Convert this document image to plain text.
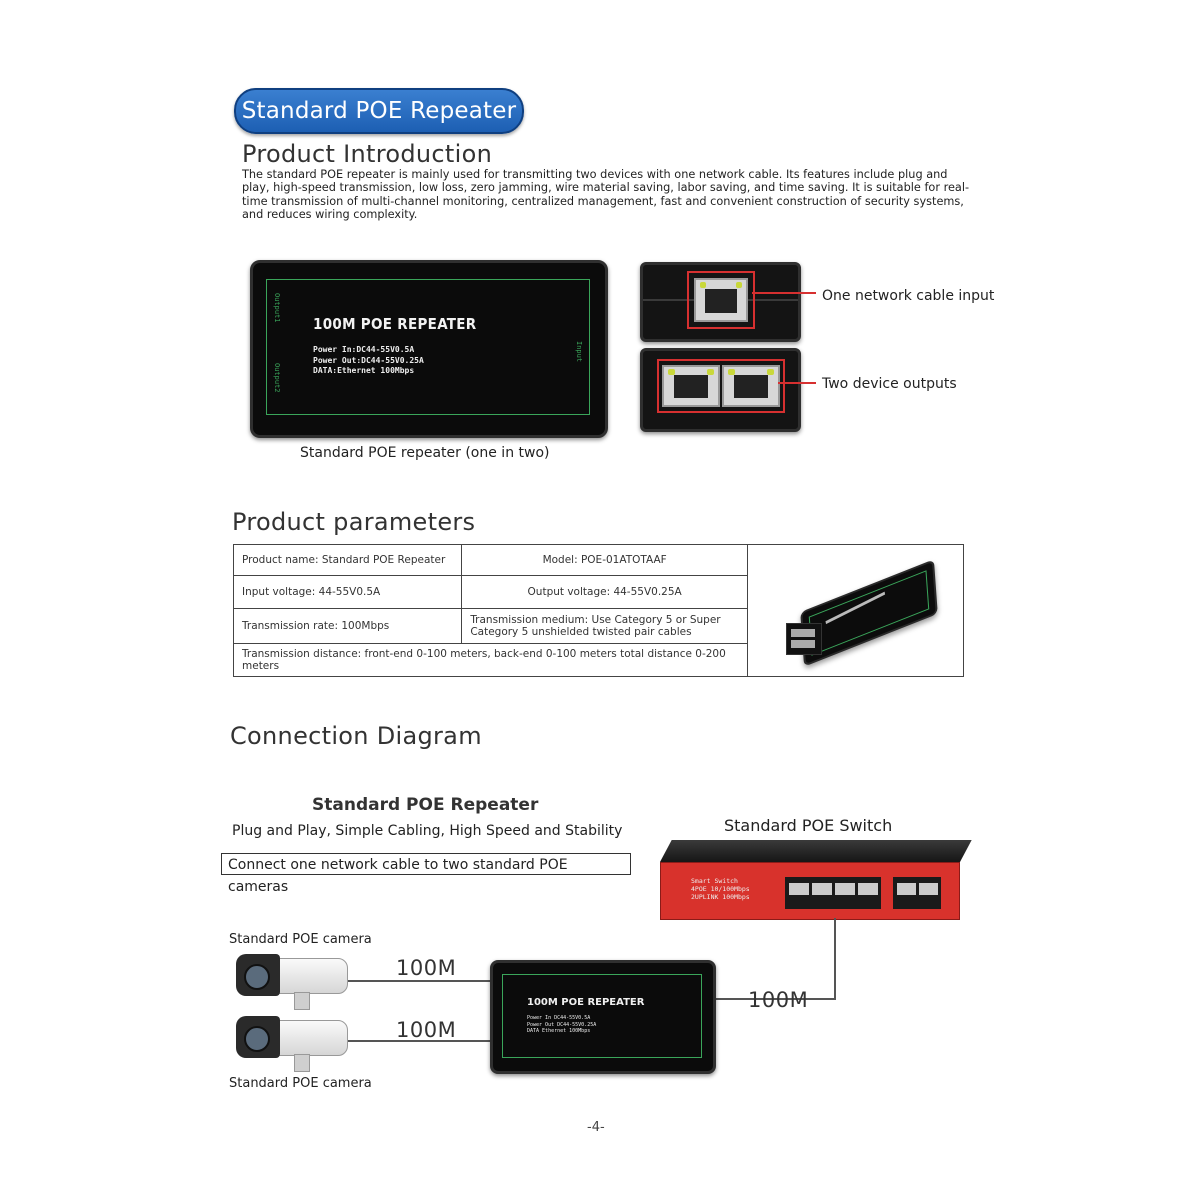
Standard POE Repeater
Product Introduction
The standard POE repeater is mainly used for transmitting two devices with one network cable. Its features include plug and play, high-speed transmission, low loss, zero jamming, wire material saving, labor saving, and time saving. It is suitable for real-time transmission of multi-channel monitoring, centralized management, fast and convenient construction of security systems, and reduces wiring complexity.
Output1
Output2
Input
100M POE REPEATER
Power In:DC44-55V0.5A
Power Out:DC44-55V0.25A
DATA:Ethernet 100Mbps
Standard POE repeater (one in two)
One network cable input
Two device outputs
Product parameters
Product name: Standard POE Repeater	Model: POE-01ATOTAAF	

Input voltage: 44-55V0.5A	Output voltage: 44-55V0.25A	
Transmission rate: 100Mbps	Transmission medium: Use Category 5 or Super Category 5 unshielded twisted pair cables	
Transmission distance: front-end 0-100 meters, back-end 0-100 meters total distance 0-200 meters		
Connection Diagram
Standard POE Repeater
Plug and Play, Simple Cabling, High Speed and Stability
Connect one network cable to two standard POE cameras
Standard POE Switch
Smart Switch
4POE 10/100Mbps
2UPLINK 100Mbps
100M
100M
100M
100M POE REPEATER
Power In DC44-55V0.5A
Power Out DC44-55V0.25A
DATA Ethernet 100Mbps
Standard POE camera
Standard POE camera
-4-
